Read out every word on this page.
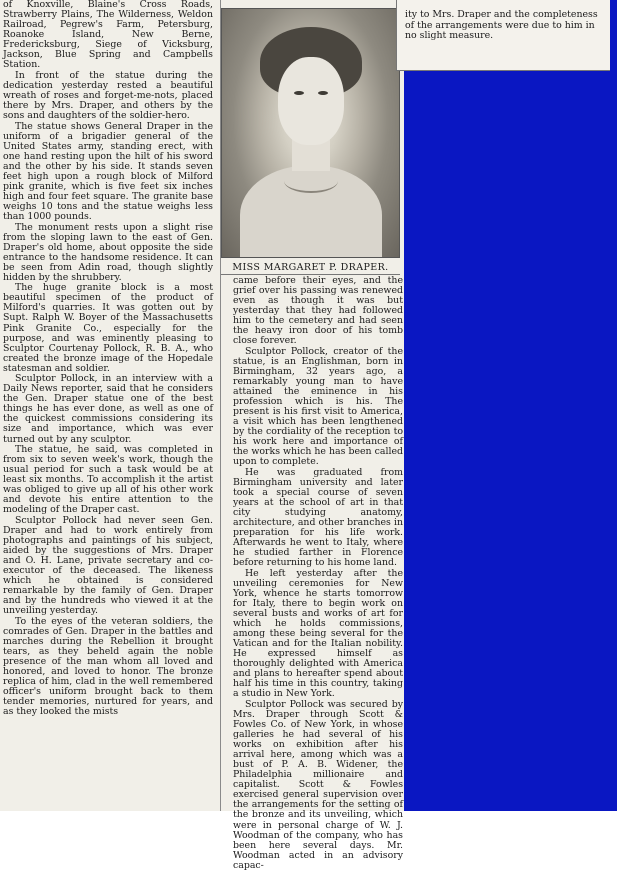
of Knoxville, Blaine's Cross Roads, Strawberry Plains, The Wilderness, Weldon Railroad, Pegrew's Farm, Petersburg, Roanoke Island, New Berne, Fredericksburg, Siege of Vicksburg, Jackson, Blue Spring and Campbells Station.

In front of the statue during the dedication yesterday rested a beautiful wreath of roses and forget-me-nots, placed there by Mrs. Draper, and others by the sons and daughters of the soldier-hero.

The statue shows General Draper in the uniform of a brigadier general of the United States army, standing erect, with one hand resting upon the hilt of his sword and the other by his side. It stands seven feet high upon a rough block of Milford pink granite, which is five feet six inches high and four feet square. The granite base weighs 10 tons and the statue weighs less than 1000 pounds.

The monument rests upon a slight rise from the sloping lawn to the east of Gen. Draper's old home, about opposite the side entrance to the handsome residence. It can be seen from Adin road, though slightly hidden by the shrubbery.

The huge granite block is a most beautiful specimen of the product of Milford's quarries. It was gotten out by Supt. Ralph W. Boyer of the Massachusetts Pink Granite Co., especially for the purpose, and was eminently pleasing to Sculptor Courtenay Pollock, R. B. A., who created the bronze image of the Hopedale statesman and soldier.

Sculptor Pollock, in an interview with a Daily News reporter, said that he considers the Gen. Draper statue one of the best things he has ever done, as well as one of the quickest commissions considering its size and importance, which was ever turned out by any sculptor.

The statue, he said, was completed in from six to seven week's work, though the usual period for such a task would be at least six months. To accomplish it the artist was obliged to give up all of his other work and devote his entire attention to the modeling of the Draper cast.

Sculptor Pollock had never seen Gen. Draper and had to work entirely from photographs and paintings of his subject, aided by the suggestions of Mrs. Draper and O. H. Lane, private secretary and co-executor of the deceased. The likeness which he obtained is considered remarkable by the family of Gen. Draper and by the hundreds who viewed it at the unveiling yesterday.

To the eyes of the veteran soldiers, the comrades of Gen. Draper in the battles and marches during the Rebellion it brought tears, as they beheld again the noble presence of the man whom all loved and honored, and loved to honor. The bronze replica of him, clad in the well remembered officer's uniform brought back to them tender memories, nurtured for years, and as they looked the mists

MISS MARGARET P. DRAPER.

came before their eyes, and the grief over his passing was renewed even as though it was but yesterday that they had followed him to the cemetery and had seen the heavy iron door of his tomb close forever.

Sculptor Pollock, creator of the statue, is an Englishman, born in Birmingham, 32 years ago, a remarkably young man to have attained the eminence in his profession which is his. The present is his first visit to America, a visit which has been lengthened by the cordiality of the reception to his work here and importance of the works which he has been called upon to complete.

He was graduated from Birmingham university and later took a special course of seven years at the school of art in that city studying anatomy, architecture, and other branches in preparation for his life work. Afterwards he went to Italy, where he studied farther in Florence before returning to his home land.

He left yesterday after the unveiling ceremonies for New York, whence he starts tomorrow for Italy, there to begin work on several busts and works of art for which he holds commissions, among these being several for the Vatican and for the Italian nobility. He expressed himself as thoroughly delighted with America and plans to hereafter spend about half his time in this country, taking a studio in New York.

Sculptor Pollock was secured by Mrs. Draper through Scott & Fowles Co. of New York, in whose galleries he had several of his works on exhibition after his arrival here, among which was a bust of P. A. B. Widener, the Philadelphia millionaire and capitalist. Scott & Fowles exercised general supervision over the arrangements for the setting of the bronze and its unveiling, which were in personal charge of W. J. Woodman of the company, who has been here several days. Mr. Woodman acted in an advisory capac-

ity to Mrs. Draper and the completeness of the arrangements were due to him in no slight measure.
